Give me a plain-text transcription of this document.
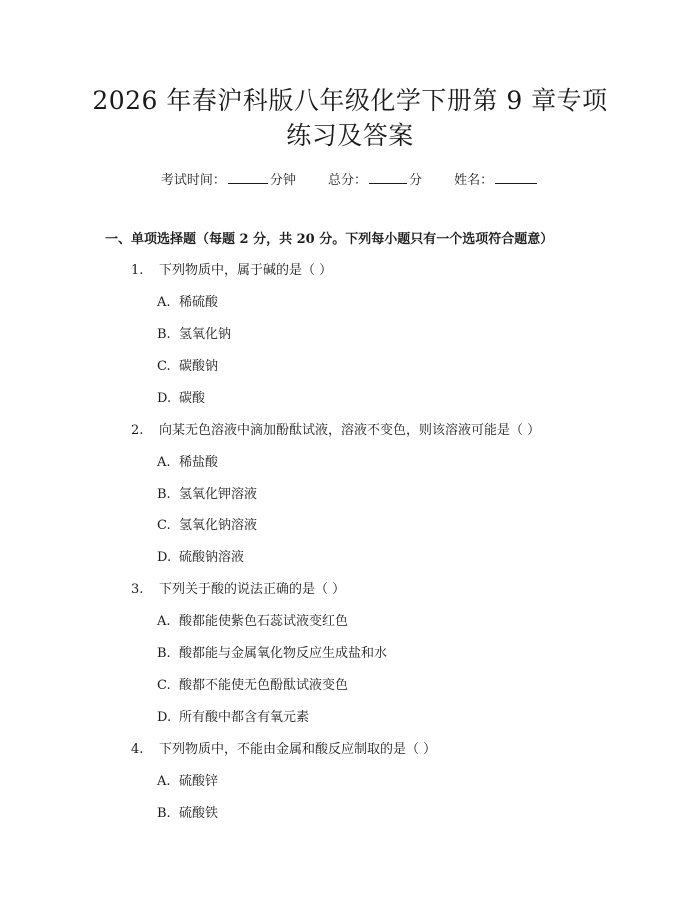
2026 年春沪科版八年级化学下册第 9 章专项
练习及答案
考试时间：	分钟 总分：	分 姓名：
一、单项选择题（每题 2 分，共 20 分。下列每小题只有一个选项符合题意）
1. 下列物质中，属于碱的是（ ）
A. 稀硫酸
B. 氢氧化钠
C. 碳酸钠
D. 碳酸
2. 向某无色溶液中滴加酚酞试液，溶液不变色，则该溶液可能是（ ）
A. 稀盐酸
B. 氢氧化钾溶液
C. 氢氧化钠溶液
D. 硫酸钠溶液
3. 下列关于酸的说法正确的是（ ）
A. 酸都能使紫色石蕊试液变红色
B. 酸都能与金属氧化物反应生成盐和水
C. 酸都不能使无色酚酞试液变色
D. 所有酸中都含有氧元素
4. 下列物质中，不能由金属和酸反应制取的是（ ）
A. 硫酸锌
B. 硫酸铁
